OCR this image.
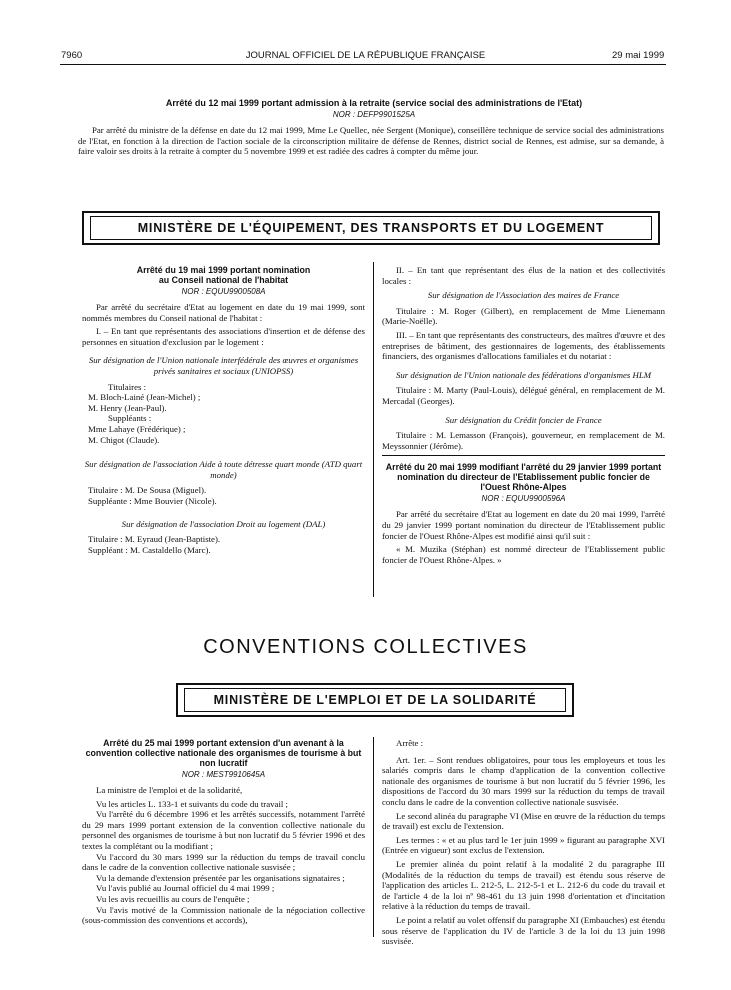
7960	JOURNAL OFFICIEL DE LA RÉPUBLIQUE FRANÇAISE	29 mai 1999

Arrêté du 12 mai 1999 portant admission à la retraite (service social des administrations de l'Etat)

NOR : DEFP9901525A

Par arrêté du ministre de la défense en date du 12 mai 1999, Mme Le Quellec, née Sergent (Monique), conseillère technique de service social des administrations de l'Etat, en fonction à la direction de l'action sociale de la circonscription militaire de défense de Rennes, district social de Rennes, est admise, sur sa demande, à faire valoir ses droits à la retraite à compter du 5 novembre 1999 et est radiée des cadres à compter du même jour.

MINISTÈRE DE L'ÉQUIPEMENT, DES TRANSPORTS ET DU LOGEMENT

Arrêté du 19 mai 1999 portant nomination

au Conseil national de l'habitat

NOR : EQUU9900508A

Par arrêté du secrétaire d'Etat au logement en date du 19 mai 1999, sont nommés membres du Conseil national de l'habitat :

I. – En tant que représentants des associations d'insertion et de défense des personnes en situation d'exclusion par le logement :

Sur désignation de l'Union nationale interfédérale des œuvres et organismes privés sanitaires et sociaux (UNIOPSS)

Titulaires :

M. Bloch-Lainé (Jean-Michel) ;

M. Henry (Jean-Paul).

Suppléants :

Mme Lahaye (Frédérique) ;

M. Chigot (Claude).

Sur désignation de l'association Aide à toute détresse quart monde (ATD quart monde)

Titulaire : M. De Sousa (Miguel).

Suppléante : Mme Bouvier (Nicole).

Sur désignation de l'association Droit au logement (DAL)

Titulaire : M. Eyraud (Jean-Baptiste).

Suppléant : M. Castaldello (Marc).

II. – En tant que représentant des élus de la nation et des collectivités locales :

Sur désignation de l'Association des maires de France

Titulaire : M. Roger (Gilbert), en remplacement de Mme Lienemann (Marie-Noëlle).

III. – En tant que représentants des constructeurs, des maîtres d'œuvre et des entreprises de bâtiment, des gestionnaires de logements, des établissements financiers, des organismes d'allocations familiales et du notariat :

Sur désignation de l'Union nationale des fédérations d'organismes HLM

Titulaire : M. Marty (Paul-Louis), délégué général, en remplacement de M. Mercadal (Georges).

Sur désignation du Crédit foncier de France

Titulaire : M. Lemasson (François), gouverneur, en remplacement de M. Meyssonnier (Jérôme).

Arrêté du 20 mai 1999 modifiant l'arrêté du 29 janvier 1999 portant nomination du directeur de l'Etablissement public foncier de l'Ouest Rhône-Alpes

NOR : EQUU9900596A

Par arrêté du secrétaire d'Etat au logement en date du 20 mai 1999, l'arrêté du 29 janvier 1999 portant nomination du directeur de l'Etablissement public foncier de l'Ouest Rhône-Alpes est modifié ainsi qu'il suit :

« M. Muzika (Stéphan) est nommé directeur de l'Etablissement public foncier de l'Ouest Rhône-Alpes. »

CONVENTIONS COLLECTIVES
MINISTÈRE DE L'EMPLOI ET DE LA SOLIDARITÉ

Arrêté du 25 mai 1999 portant extension d'un avenant à la convention collective nationale des organismes de tourisme à but non lucratif

NOR : MEST9910645A

La ministre de l'emploi et de la solidarité,

Vu les articles L. 133-1 et suivants du code du travail ;

Vu l'arrêté du 6 décembre 1996 et les arrêtés successifs, notamment l'arrêté du 29 mars 1999 portant extension de la convention collective nationale du personnel des organismes de tourisme à but non lucratif du 5 février 1996 et des textes la complétant ou la modifiant ;

Vu l'accord du 30 mars 1999 sur la réduction du temps de travail conclu dans le cadre de la convention collective nationale susvisée ;

Vu la demande d'extension présentée par les organisations signataires ;

Vu l'avis publié au Journal officiel du 4 mai 1999 ;

Vu les avis recueillis au cours de l'enquête ;

Vu l'avis motivé de la Commission nationale de la négociation collective (sous-commission des conventions et accords),

Arrête :

Art. 1er. – Sont rendues obligatoires, pour tous les employeurs et tous les salariés compris dans le champ d'application de la convention collective nationale des organismes de tourisme à but non lucratif du 5 février 1996, les dispositions de l'accord du 30 mars 1999 sur la réduction du temps de travail conclu dans le cadre de la convention collective nationale susvisée.

Le second alinéa du paragraphe VI (Mise en œuvre de la réduction du temps de travail) est exclu de l'extension.

Les termes : « et au plus tard le 1er juin 1999 » figurant au paragraphe XVI (Entrée en vigueur) sont exclus de l'extension.

Le premier alinéa du point relatif à la modalité 2 du paragraphe III (Modalités de la réduction du temps de travail) est étendu sous réserve de l'application des articles L. 212-5, L. 212-5-1 et L. 212-6 du code du travail et de l'article 4 de la loi nº 98-461 du 13 juin 1998 d'orientation et d'incitation relative à la réduction du temps de travail.

Le point a relatif au volet offensif du paragraphe XI (Embauches) est étendu sous réserve de l'application du IV de l'article 3 de la loi du 13 juin 1998 susvisée.
